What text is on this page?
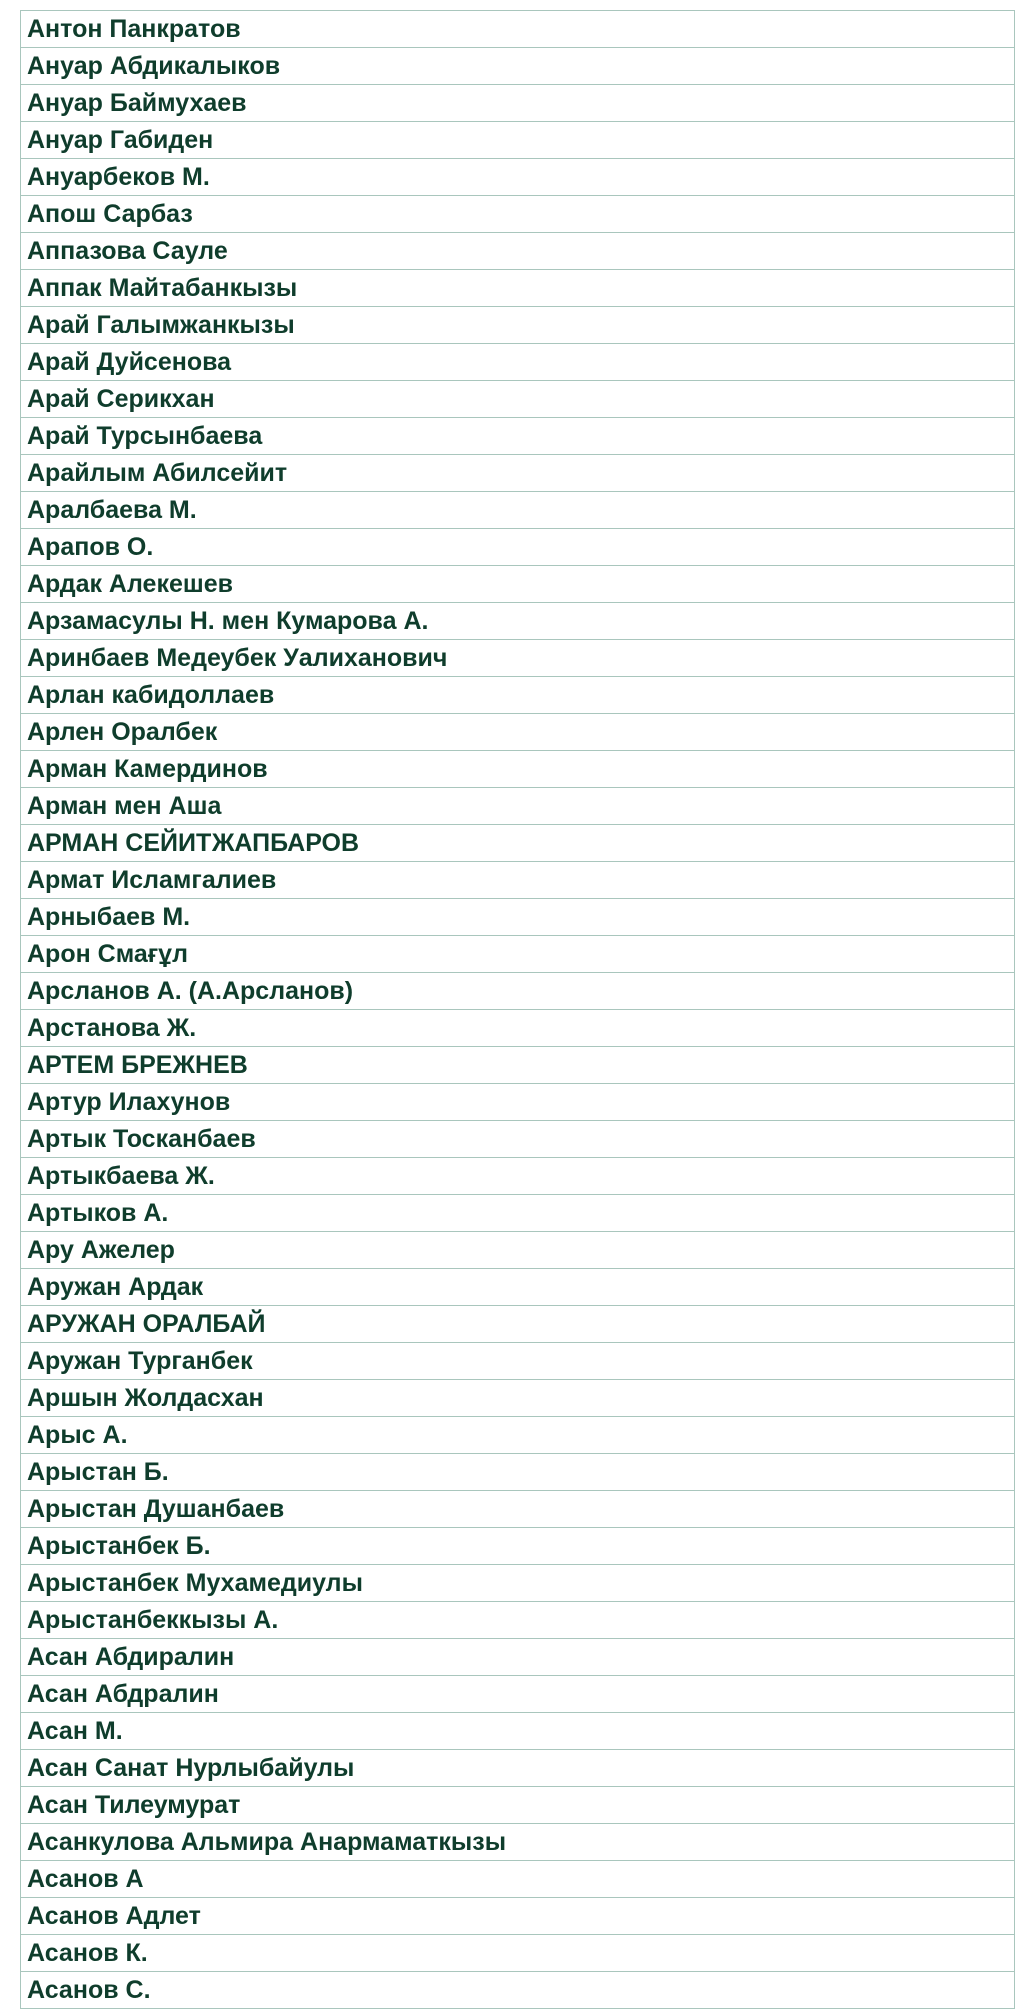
Антон Панкратов
Ануар Абдикалыков
Ануар Баймухаев
Ануар Габиден
Ануарбеков М.
Апош Сарбаз
Аппазова Сауле
Аппак Майтабанкызы
Арай Галымжанкызы
Арай Дуйсенова
Арай Серикхан
Арай Турсынбаева
Арайлым Абилсейит
Аралбаева М.
Арапов О.
Ардак Алекешев
Арзамасулы Н. мен Кумарова А.
Аринбаев Медеубек Уалиханович
Арлан кабидоллаев
Арлен Оралбек
Арман Камердинов
Арман мен Аша
АРМАН СЕЙИТЖАПБАРОВ
Армат Исламгалиев
Арныбаев М.
Арон Смағұл
Арсланов А. (А.Арсланов)
Арстанова Ж.
АРТЕМ БРЕЖНЕВ
Артур Илахунов
Артык Тосканбаев
Артыкбаева Ж.
Артыков А.
Ару Ажелер
Аружан Ардак
АРУЖАН ОРАЛБАЙ
Аружан Турганбек
Аршын Жолдасхан
Арыс А.
Арыстан Б.
Арыстан Душанбаев
Арыстанбек Б.
Арыстанбек Мухамедиулы
Арыстанбеккызы А.
Асан Абдиралин
Асан Абдралин
Асан М.
Асан Санат Нурлыбайулы
Асан Тилеумурат
Асанкулова Альмира Анармаматкызы
Асанов А
Асанов Адлет
Асанов К.
Асанов С.
